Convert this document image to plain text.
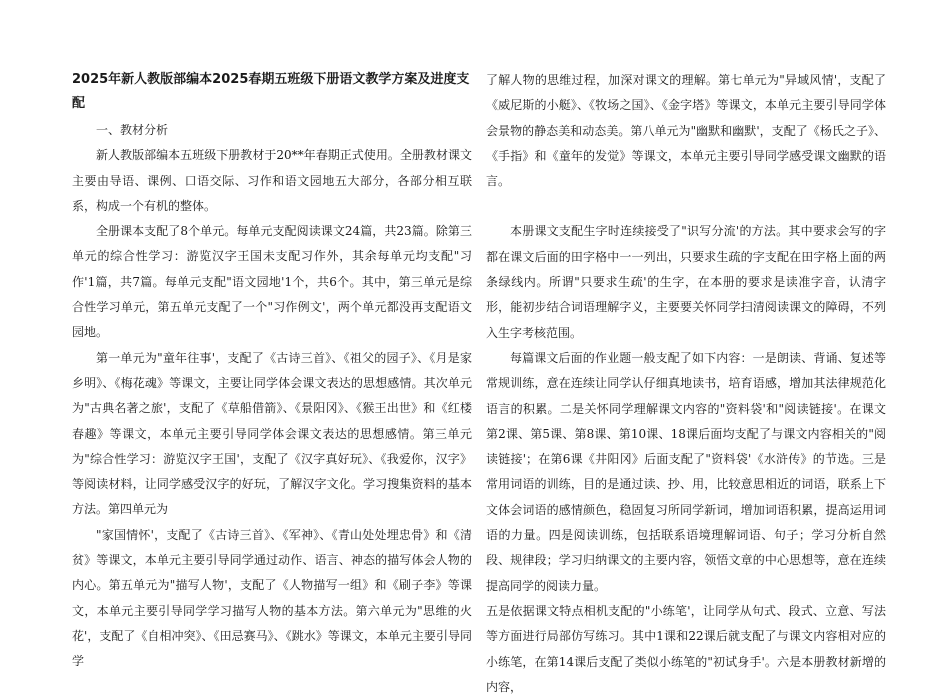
2025年新人教版部编本2025春期五班级下册语文教学方案及进度支配

一、教材分析

新人教版部编本五班级下册教材于20**年春期正式使用。全册教材课文主要由导语、课例、口语交际、习作和语文园地五大部分，各部分相互联系，构成一个有机的整体。

全册课本支配了8个单元。每单元支配阅读课文24篇，共23篇。除第三单元的综合性学习：游览汉字王国未支配习作外，其余每单元均支配"习作'1篇，共7篇。每单元支配"语文园地'1个，共6个。其中，第三单元是综合性学习单元，第五单元支配了一个"习作例文'，两个单元都没再支配语文园地。

第一单元为"童年往事'，支配了《古诗三首》、《祖父的园子》、《月是家乡明》、《梅花魂》等课文，主要让同学体会课文表达的思想感情。其次单元为"古典名著之旅'，支配了《草船借箭》、《景阳冈》、《猴王出世》和《红楼春趣》等课文，本单元主要引导同学体会课文表达的思想感情。第三单元为"综合性学习：游览汉字王国'，支配了《汉字真好玩》、《我爱你，汉字》等阅读材料，让同学感受汉字的好玩，了解汉字文化。学习搜集资料的基本方法。第四单元为

"家国情怀'，支配了《古诗三首》、《军神》、《青山处处埋忠骨》和《清贫》等课文，本单元主要引导同学通过动作、语言、神态的描写体会人物的内心。第五单元为"描写人物'，支配了《人物描写一组》和《刷子李》等课文，本单元主要引导同学学习描写人物的基本方法。第六单元为"思维的火花'，支配了《自相冲突》、《田忌赛马》、《跳水》等课文，本单元主要引导同学

了解人物的思维过程，加深对课文的理解。第七单元为"异域风情'，支配了《威尼斯的小艇》、《牧场之国》、《金字塔》等课文，本单元主要引导同学体会景物的静态美和动态美。第八单元为"幽默和幽默'，支配了《杨氏之子》、《手指》和《童年的发觉》等课文，本单元主要引导同学感受课文幽默的语言。

本册课文支配生字时连续接受了"识写分流'的方法。其中要求会写的字都在课文后面的田字格中一一列出，只要求生疏的字支配在田字格上面的两条绿线内。所谓"只要求生疏'的生字，在本册的要求是读准字音，认清字形，能初步结合词语理解字义，主要要关怀同学扫清阅读课文的障碍，不列入生字考核范围。

每篇课文后面的作业题一般支配了如下内容：一是朗读、背诵、复述等常规训练，意在连续让同学认仔细真地读书，培育语感，增加其法律规范化语言的积累。二是关怀同学理解课文内容的"资料袋'和"阅读链接'。在课文第2课、第5课、第8课、第10课、18课后面均支配了与课文内容相关的"阅读链接'；在第6课《井阳冈》后面支配了"资料袋'《水浒传》的节选。三是常用词语的训练，目的是通过读、抄、用，比较意思相近的词语，联系上下文体会词语的感情颜色，稳固复习所同学新词，增加词语积累，提高运用词语的力量。四是阅读训练，包括联系语境理解词语、句子；学习分析自然段、规律段；学习归纳课文的主要内容，领悟文章的中心思想等，意在连续提高同学的阅读力量。

五是依据课文特点相机支配的"小练笔'，让同学从句式、段式、立意、写法等方面进行局部仿写练习。其中1课和22课后就支配了与课文内容相对应的小练笔，在第14课后支配了类似小练笔的"初试身手'。六是本册教材新增的内容，
